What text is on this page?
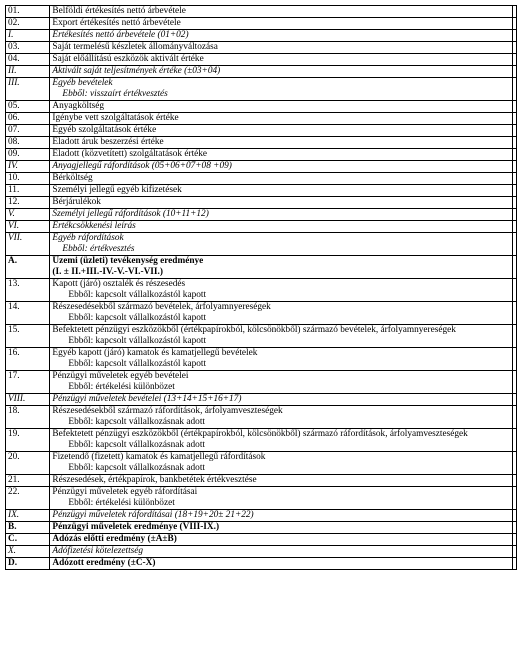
01.	Belföldi értékesítés nettó árbevétele	

02.	Export értékesítés nettó árbevétele	

I.	Értékesítés nettó árbevétele (01+02)	

03.	Saját termelésű készletek állományváltozása	

04.	Saját előállítású eszközök aktivált értéke	

II.	Aktivált saját teljesítmények értéke (±03+04)	

III.	Egyéb bevételek
Ebből: visszaírt értékvesztés	

05.	Anyagköltség	

06.	Igénybe vett szolgáltatások értéke	

07.	Egyéb szolgáltatások értéke	

08.	Eladott áruk beszerzési értéke	

09.	Eladott (közvetített) szolgáltatások értéke	

IV.	Anyagjellegű ráfordítások (05+06+07+08 +09)	

10.	Bérköltség	

11.	Személyi jellegű egyéb kifizetések	

12.	Bérjárulékok	

V.	Személyi jellegű ráfordítások (10+11+12)	

VI.	Értékcsökkenési leírás	

VII.	Egyéb ráfordítások
Ebből: értékvesztés	

A.	Üzemi (üzleti) tevékenység eredménye
(I. ± II.+III.-IV.-V.-VI.-VII.)	

13.	Kapott (járó) osztalék és részesedés
Ebből: kapcsolt vállalkozástól kapott	

14.	Részesedésekből származó bevételek, árfolyamnyereségek
Ebből: kapcsolt vállalkozástól kapott	

15.	Befektetett pénzügyi eszközökből (értékpapírokból, kölcsönökből) származó bevételek, árfolyamnyereségek
Ebből: kapcsolt vállalkozástól kapott	

16.	Egyéb kapott (járó) kamatok és kamatjellegű bevételek
Ebből: kapcsolt vállalkozástól kapott	

17.	Pénzügyi műveletek egyéb bevételei
Ebből: értékelési különbözet	

VIII.	Pénzügyi műveletek bevételei (13+14+15+16+17)	

18.	Részesedésekből származó ráfordítások, árfolyamveszteségek
Ebből: kapcsolt vállalkozásnak adott	

19.	Befektetett pénzügyi eszközökből (értékpapírokból, kölcsönökből) származó ráfordítások, árfolyamveszteségek
Ebből: kapcsolt vállalkozásnak adott	

20.	Fizetendő (fizetett) kamatok és kamatjellegű ráfordítások
Ebből: kapcsolt vállalkozásnak adott	

21.	Részesedések, értékpapírok, bankbetétek értékvesztése	

22.	Pénzügyi műveletek egyéb ráfordításai
Ebből: értékelési különbözet	

IX.	Pénzügyi műveletek ráfordításai (18+19+20± 21+22)	

B.	Pénzügyi műveletek eredménye (VIII-IX.)	

C.	Adózás előtti eredmény (±A±B)	

X.	Adófizetési kötelezettség	

D.	Adózott eredmény (±C-X)	
